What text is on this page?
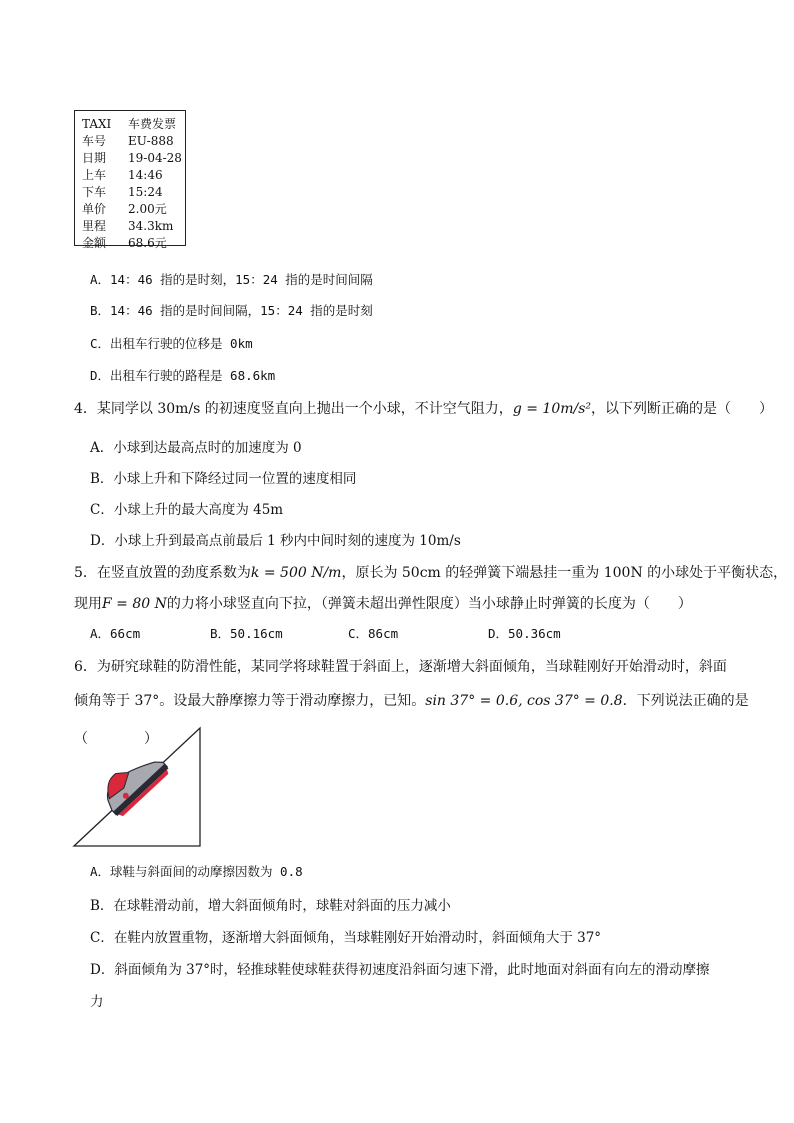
TAXI	车费发票
车号	EU-888
日期	19-04-28
上车	14:46
下车	15:24
单价	2.00元
里程	34.3km
金额	68.6元
A．14：46 指的是时刻，15：24 指的是时间间隔
B．14：46 指的是时间间隔，15：24 指的是时刻
C．出租车行驶的位移是 0km
D．出租车行驶的路程是 68.6km
4．某同学以 30m/s 的初速度竖直向上抛出一个小球，不计空气阻力，g = 10m/s²，以下列断正确的是（　　）
A．小球到达最高点时的加速度为 0
B．小球上升和下降经过同一位置的速度相同
C．小球上升的最大高度为 45m
D．小球上升到最高点前最后 1 秒内中间时刻的速度为 10m/s
5．在竖直放置的劲度系数为k = 500 N/m，原长为 50cm 的轻弹簧下端悬挂一重为 100N 的小球处于平衡状态，
现用F = 80 N的力将小球竖直向下拉，（弹簧未超出弹性限度）当小球静止时弹簧的长度为（　　）
A．66cm	B．50.16cm	C．86cm	D．50.36cm
6．为研究球鞋的防滑性能，某同学将球鞋置于斜面上，逐渐增大斜面倾角，当球鞋刚好开始滑动时，斜面
倾角等于 37°。设最大静摩擦力等于滑动摩擦力，已知。sin 37° = 0.6, cos 37° = 0.8．下列说法正确的是
（　　　　）
A．球鞋与斜面间的动摩擦因数为 0.8
B．在球鞋滑动前，增大斜面倾角时，球鞋对斜面的压力减小
C．在鞋内放置重物，逐渐增大斜面倾角，当球鞋刚好开始滑动时，斜面倾角大于 37°
D．斜面倾角为 37°时，轻推球鞋使球鞋获得初速度沿斜面匀速下滑，此时地面对斜面有向左的滑动摩擦
力
